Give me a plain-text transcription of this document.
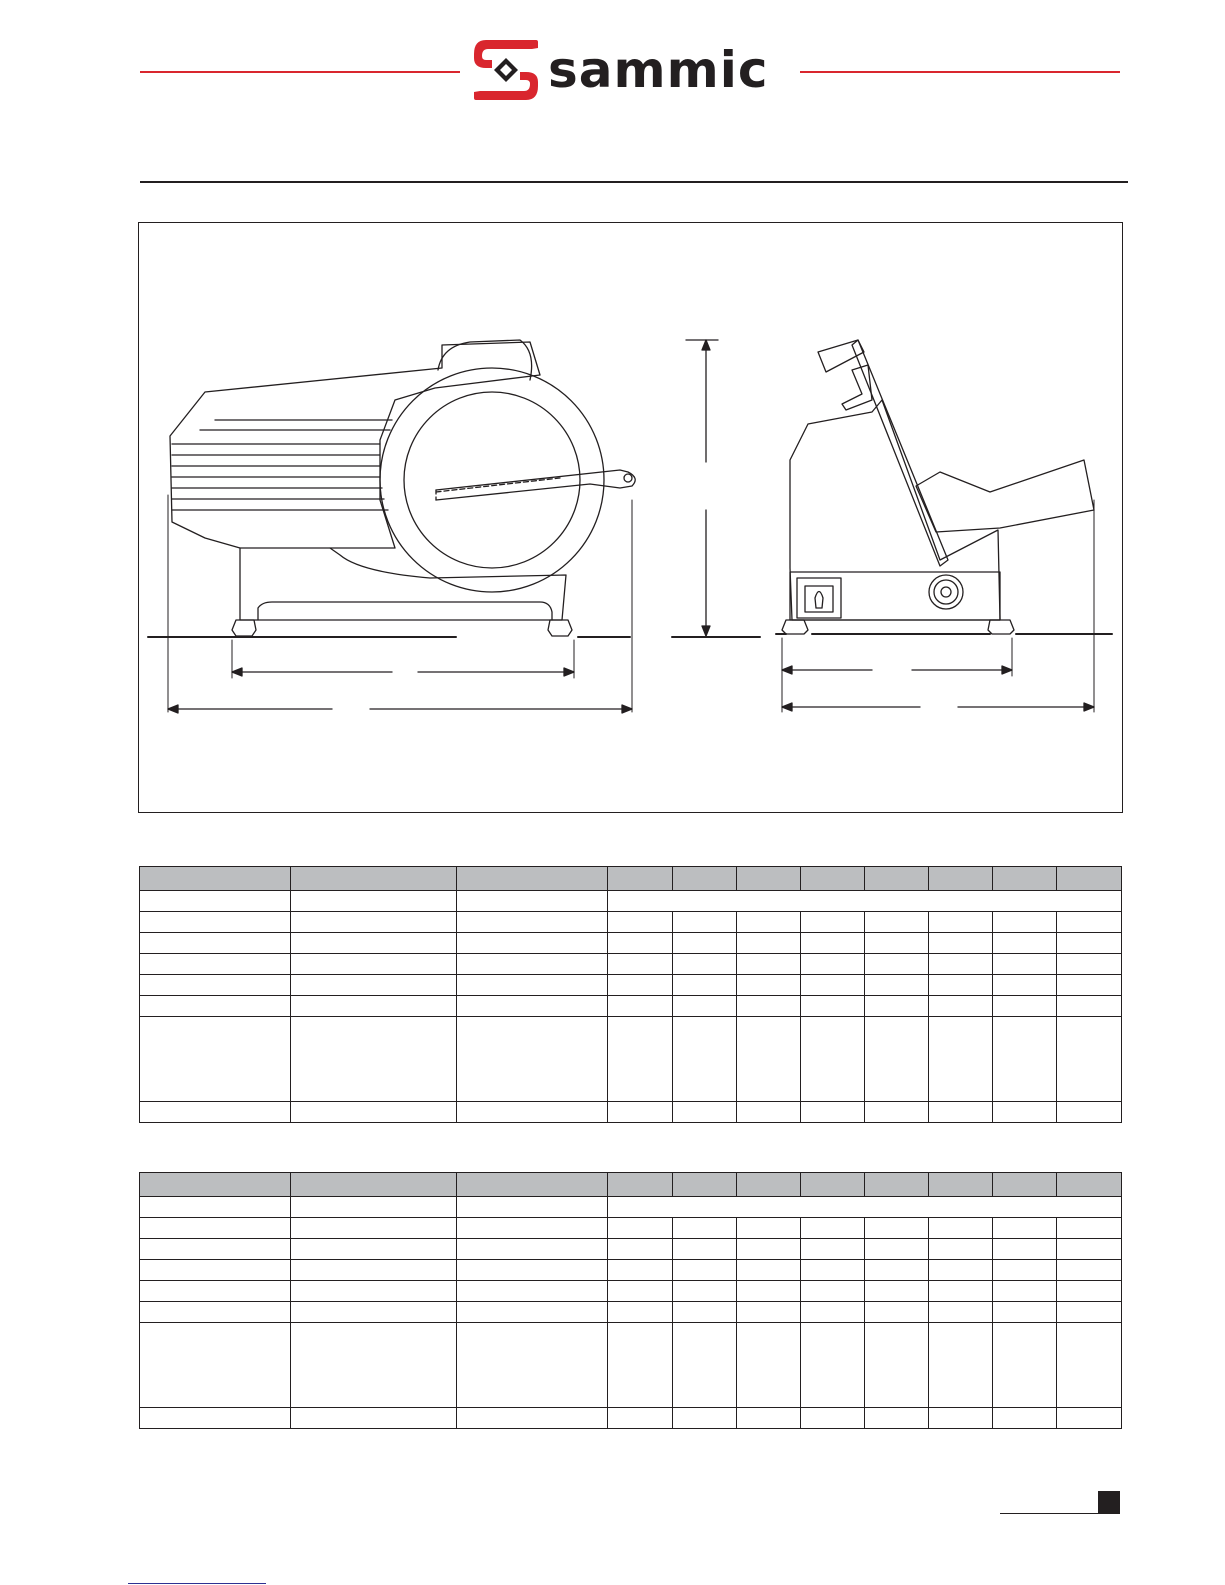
sammic
